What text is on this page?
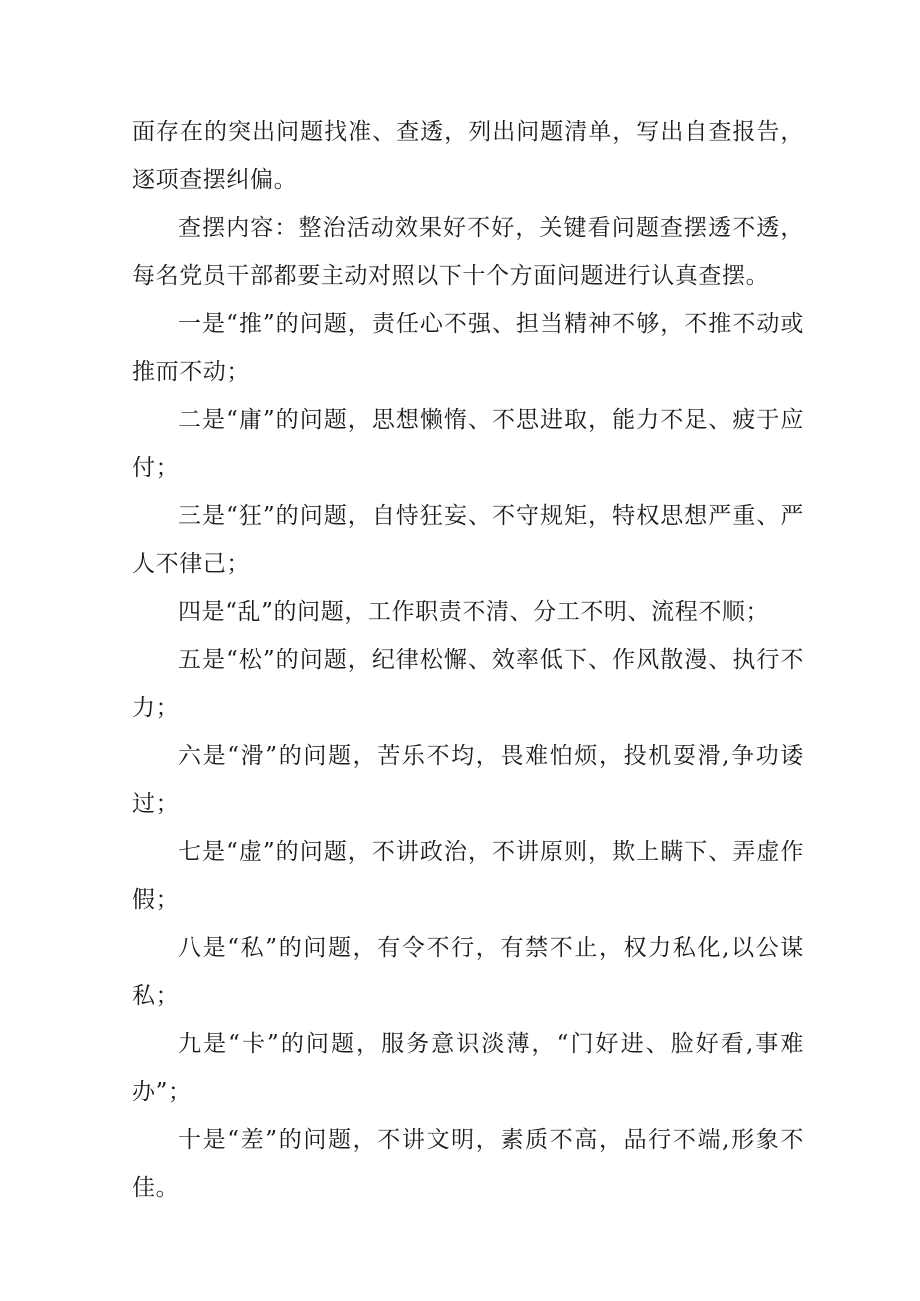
面存在的突出问题找准、查透，列出问题清单，写出自查报告，逐项查摆纠偏。

查摆内容：整治活动效果好不好，关键看问题查摆透不透，每名党员干部都要主动对照以下十个方面问题进行认真查摆。

一是“推”的问题，责任心不强、担当精神不够，不推不动或推而不动；

二是“庸”的问题，思想懒惰、不思进取，能力不足、疲于应付；

三是“狂”的问题，自恃狂妄、不守规矩，特权思想严重、严人不律己；

四是“乱”的问题，工作职责不清、分工不明、流程不顺；

五是“松”的问题，纪律松懈、效率低下、作风散漫、执行不力；

六是“滑”的问题，苦乐不均，畏难怕烦，投机耍滑,争功诿过；

七是“虚”的问题，不讲政治，不讲原则，欺上瞒下、弄虚作假；

八是“私”的问题，有令不行，有禁不止，权力私化,以公谋私；

九是“卡”的问题，服务意识淡薄，“门好进、脸好看,事难办”；

十是“差”的问题，不讲文明，素质不高，品行不端,形象不佳。
